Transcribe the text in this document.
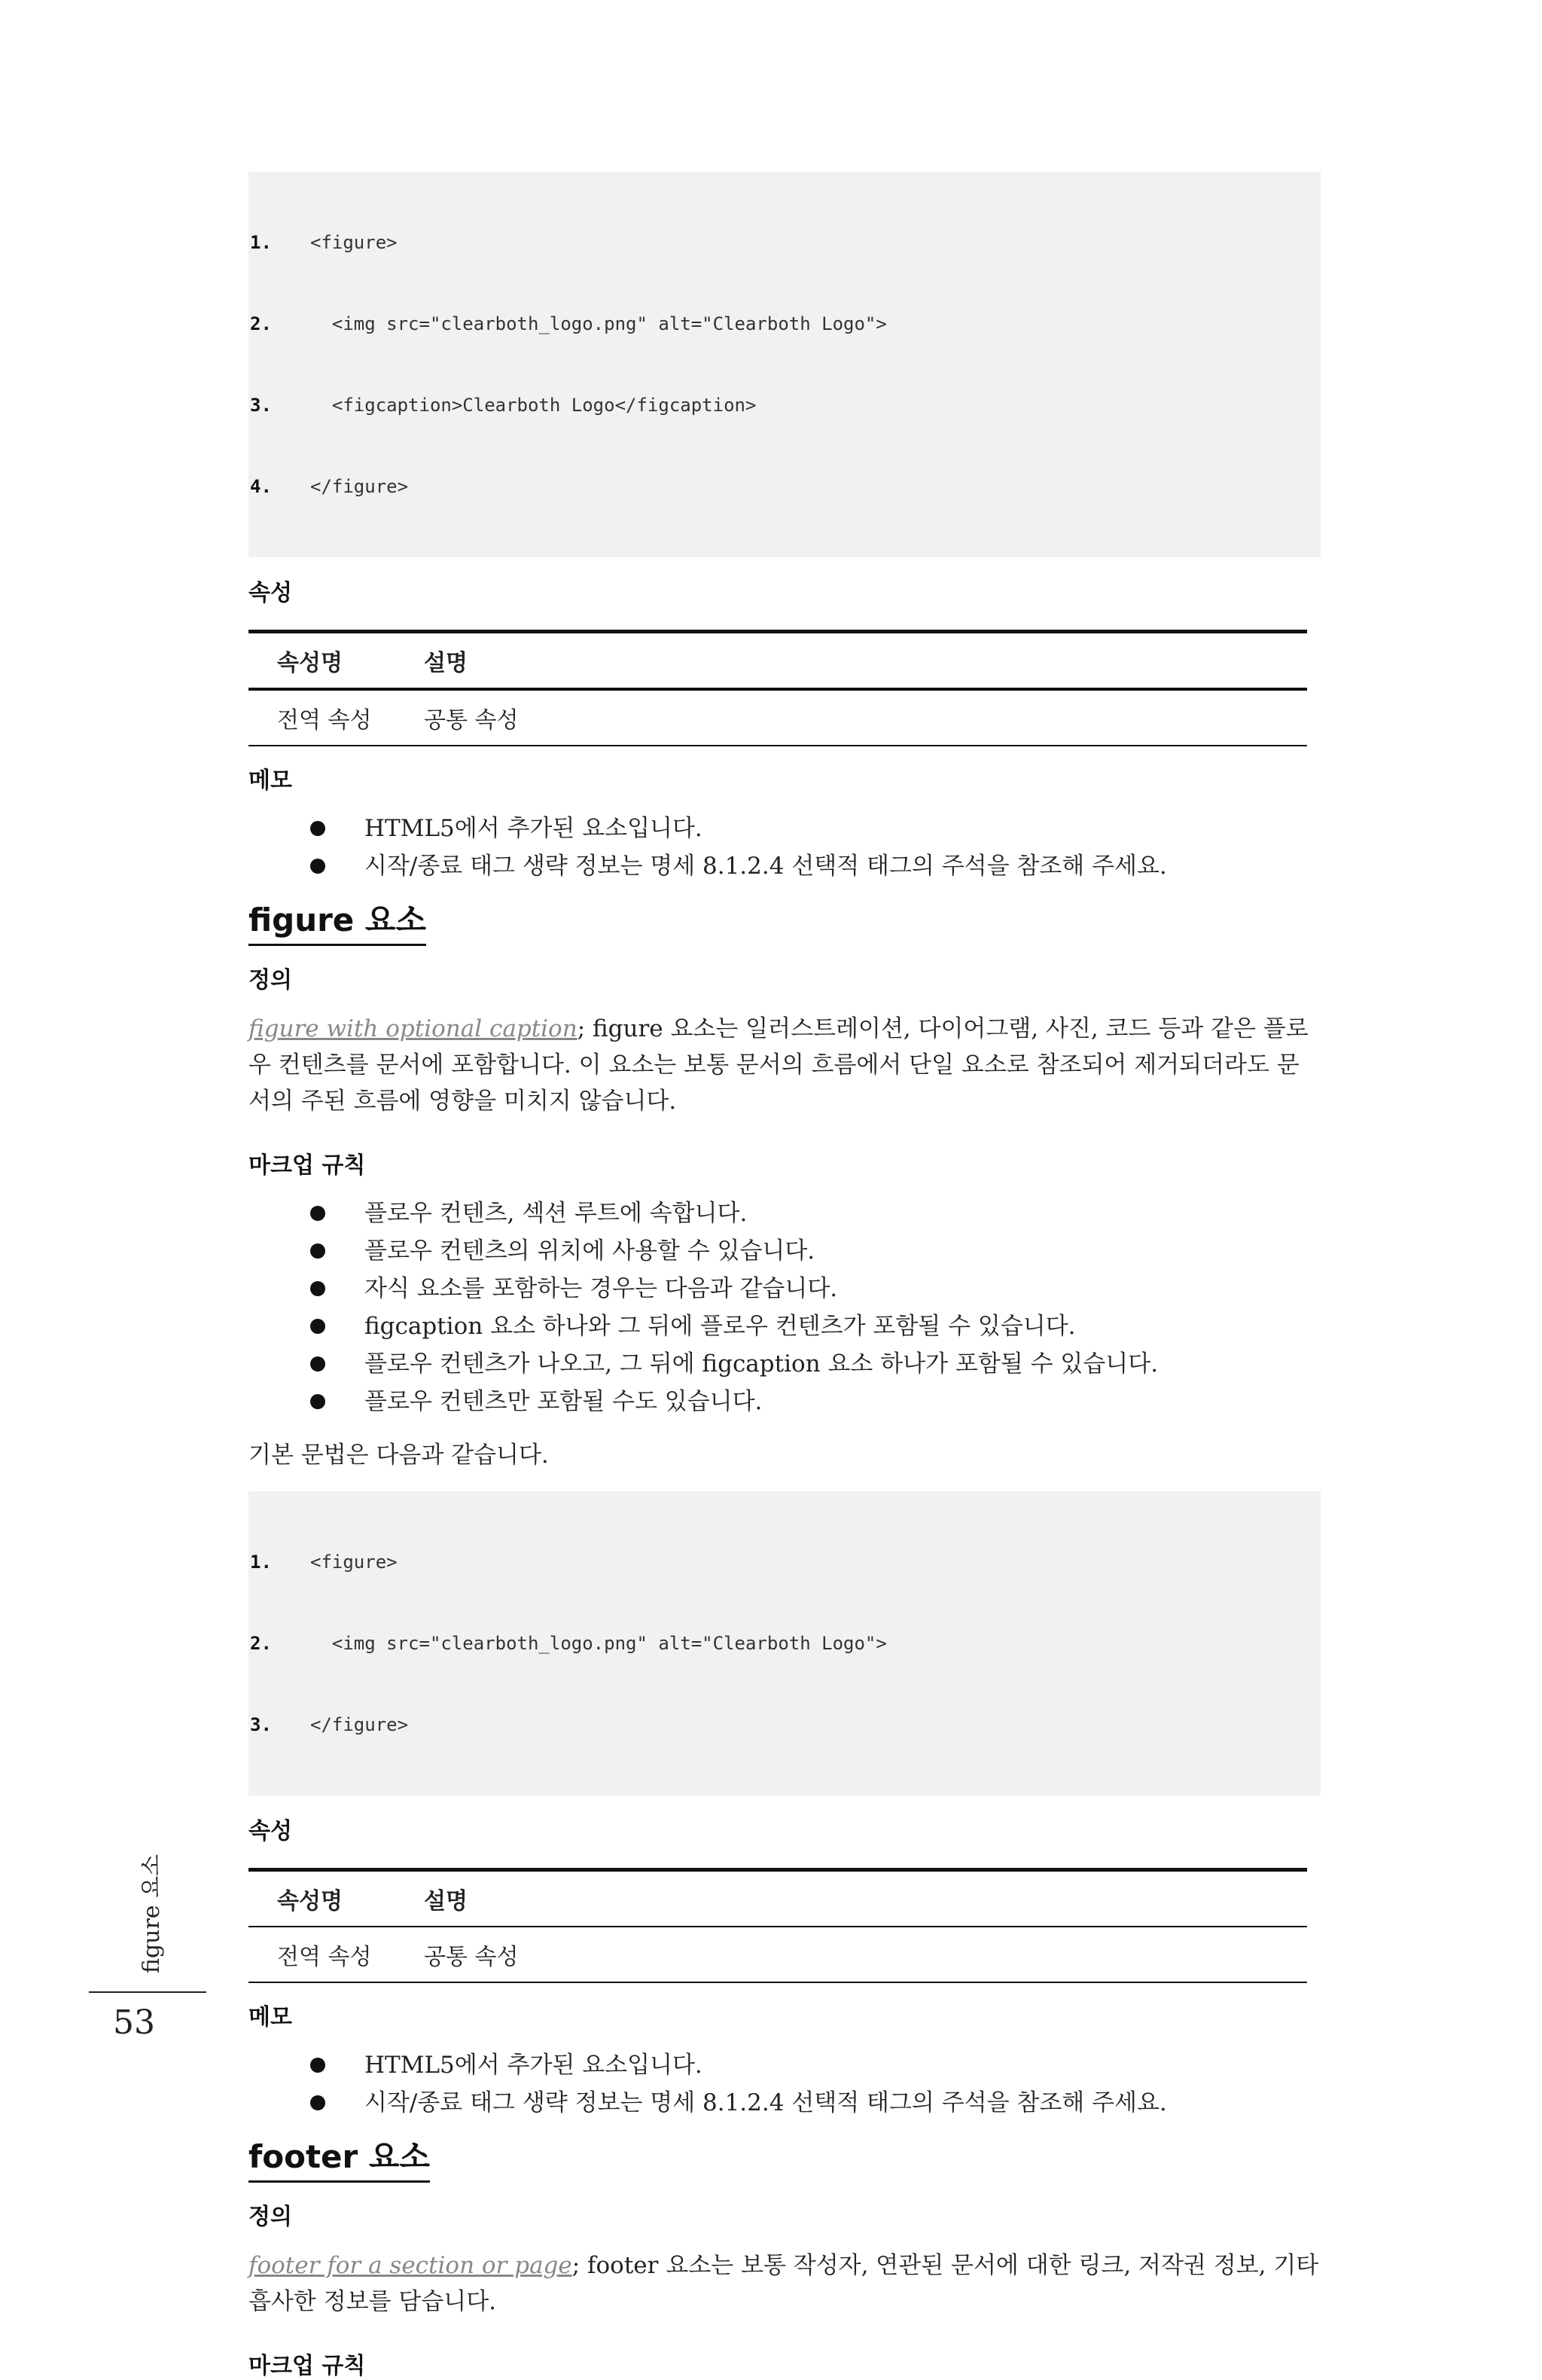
1.	<figure>

2.	<img src="clearboth_logo.png" alt="Clearboth Logo">

3.	<figcaption>Clearboth Logo</figcaption>

4.	</figure>

속성
속성명	설명
전역 속성	공통 속성
메모
HTML5에서 추가된 요소입니다.
시작/종료 태그 생략 정보는 명세 8.1.2.4 선택적 태그의 주석을 참조해 주세요.
figure 요소
정의

figure with optional caption; figure 요소는 일러스트레이션, 다이어그램, 사진, 코드 등과 같은 플로우 컨텐츠를 문서에 포함합니다. 이 요소는 보통 문서의 흐름에서 단일 요소로 참조되어 제거되더라도 문서의 주된 흐름에 영향을 미치지 않습니다.

마크업 규칙
플로우 컨텐츠, 섹션 루트에 속합니다.
플로우 컨텐츠의 위치에 사용할 수 있습니다.
자식 요소를 포함하는 경우는 다음과 같습니다.
figcaption 요소 하나와 그 뒤에 플로우 컨텐츠가 포함될 수 있습니다.
플로우 컨텐츠가 나오고, 그 뒤에 figcaption 요소 하나가 포함될 수 있습니다.
플로우 컨텐츠만 포함될 수도 있습니다.

기본 문법은 다음과 같습니다.

1.	<figure>

2.	<img src="clearboth_logo.png" alt="Clearboth Logo">

3.	</figure>

속성
속성명	설명
전역 속성	공통 속성
메모
HTML5에서 추가된 요소입니다.
시작/종료 태그 생략 정보는 명세 8.1.2.4 선택적 태그의 주석을 참조해 주세요.
footer 요소
정의

footer for a section or page; footer 요소는 보통 작성자, 연관된 문서에 대한 링크, 저작권 정보, 기타 흡사한 정보를 담습니다.

마크업 규칙
figure 요소
53
